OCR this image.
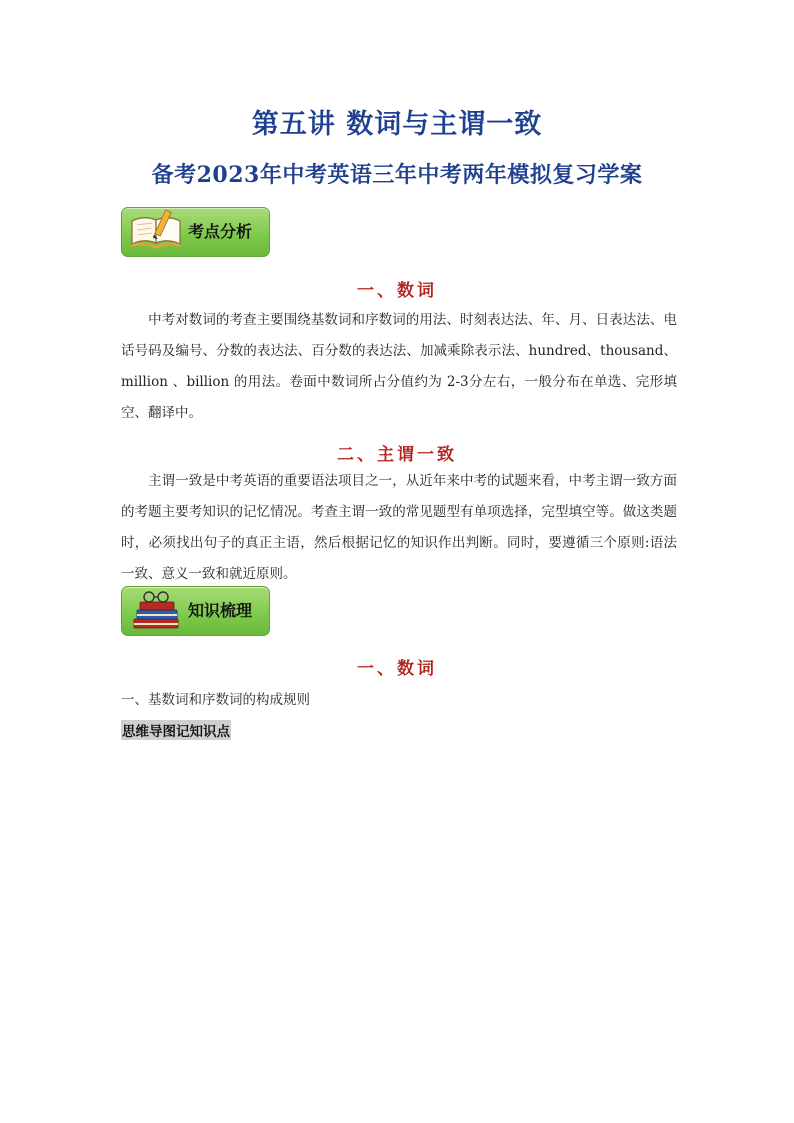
第五讲 数词与主谓一致
备考2023年中考英语三年中考两年模拟复习学案
考点分析
一、数词
中考对数词的考查主要围绕基数词和序数词的用法、时刻表达法、年、月、日表达法、电话号码及编号、分数的表达法、百分数的表达法、加减乘除表示法、hundred、thousand、million 、billion 的用法。卷面中数词所占分值约为 2-3分左右，一般分布在单选、完形填空、翻译中。
二、主谓一致
主谓一致是中考英语的重要语法项目之一，从近年来中考的试题来看，中考主谓一致方面的考题主要考知识的记忆情况。考查主谓一致的常见题型有单项选择，完型填空等。做这类题时，必须找出句子的真正主语，然后根据记忆的知识作出判断。同时，要遵循三个原则:语法一致、意义一致和就近原则。
知识梳理
一、数词
一、基数词和序数词的构成规则
思维导图记知识点
